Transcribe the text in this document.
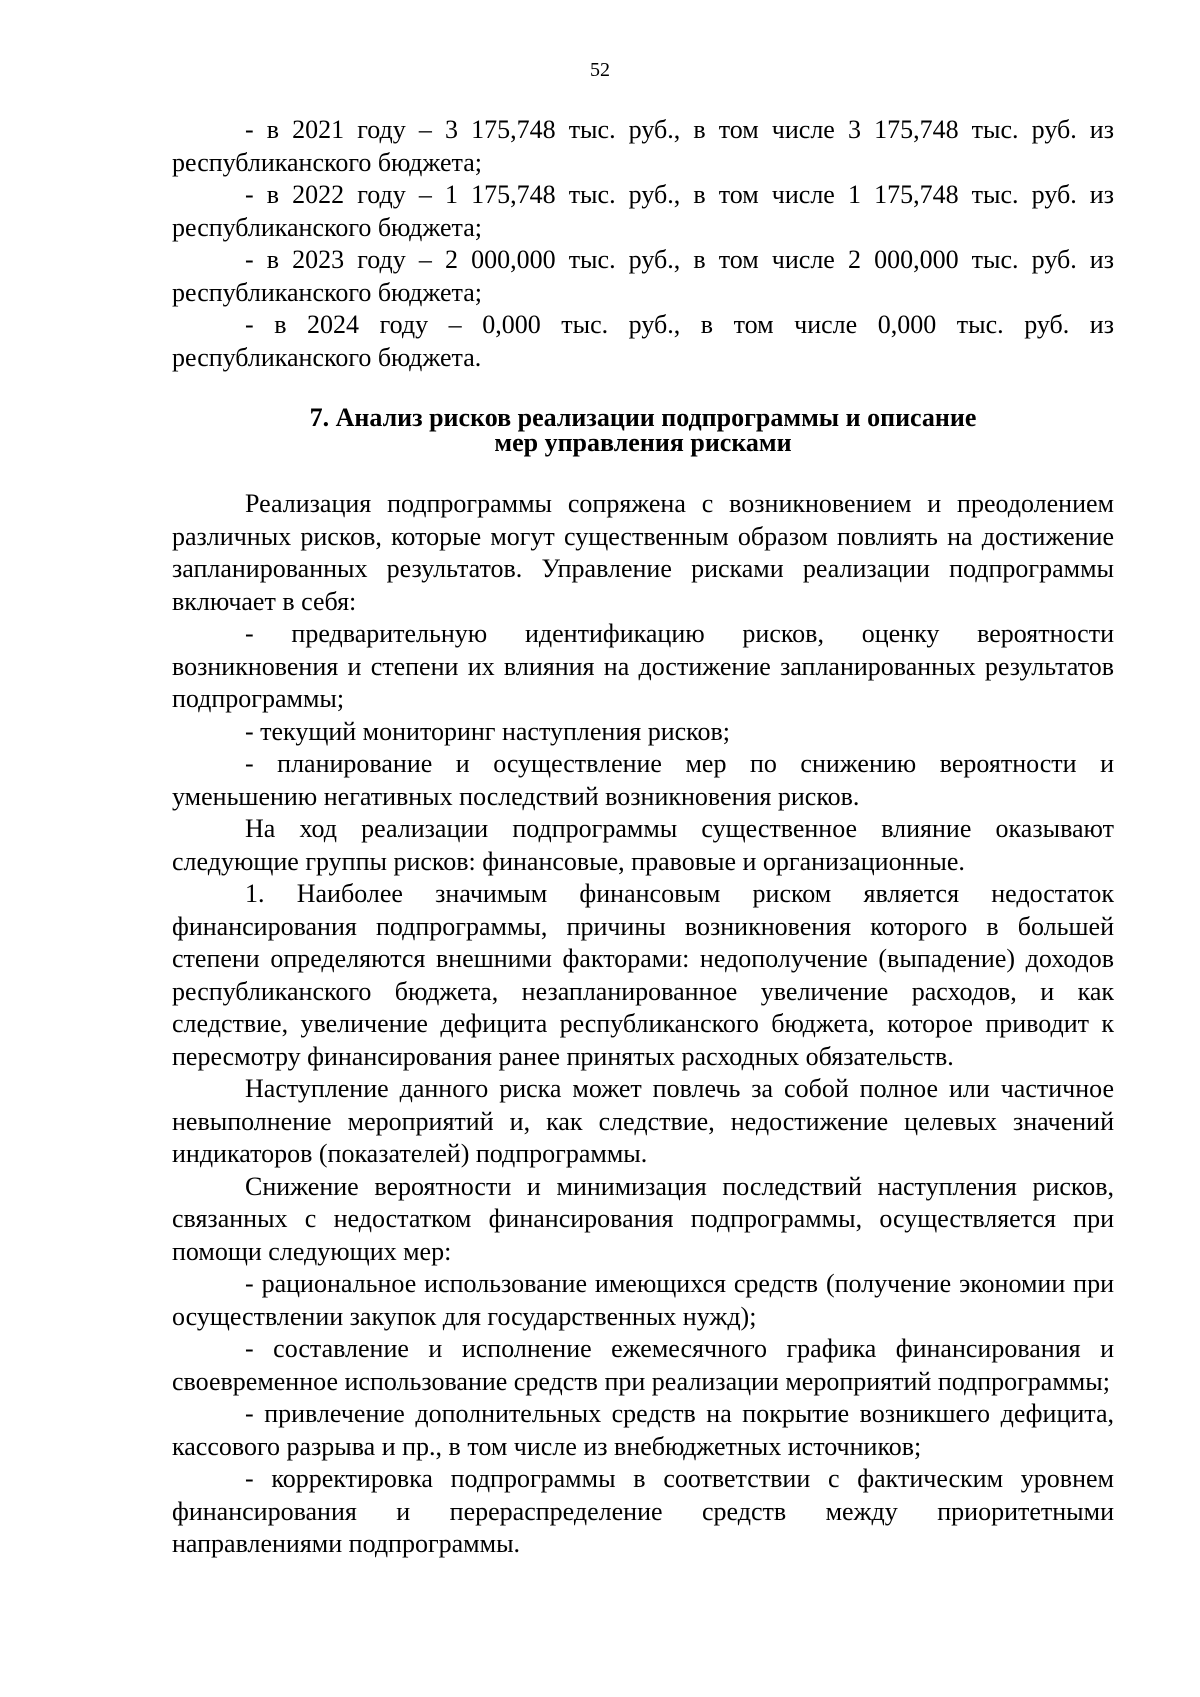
52

- в 2021 году – 3 175,748 тыс. руб., в том числе 3 175,748 тыс. руб. из республиканского бюджета;

- в 2022 году – 1 175,748 тыс. руб., в том числе 1 175,748 тыс. руб. из республиканского бюджета;

- в 2023 году – 2 000,000 тыс. руб., в том числе 2 000,000 тыс. руб. из республиканского бюджета;

- в 2024 году – 0,000 тыс. руб., в том числе 0,000 тыс. руб. из республиканского бюджета.

7. Анализ рисков реализации подпрограммы и описание
мер управления рисками

Реализация подпрограммы сопряжена с возникновением и преодолением различных рисков, которые могут существенным образом повлиять на достижение запланированных результатов. Управление рисками реализации подпрограммы включает в себя:

- предварительную идентификацию рисков, оценку вероятности возникновения и степени их влияния на достижение запланированных результатов подпрограммы;

- текущий мониторинг наступления рисков;

- планирование и осуществление мер по снижению вероятности и уменьшению негативных последствий возникновения рисков.

На ход реализации подпрограммы существенное влияние оказывают следующие группы рисков: финансовые, правовые и организационные.

1. Наиболее значимым финансовым риском является недостаток финансирования подпрограммы, причины возникновения которого в большей степени определяются внешними факторами: недополучение (выпадение) доходов республиканского бюджета, незапланированное увеличение расходов, и как следствие, увеличение дефицита республиканского бюджета, которое приводит к пересмотру финансирования ранее принятых расходных обязательств.

Наступление данного риска может повлечь за собой полное или частичное невыполнение мероприятий и, как следствие, недостижение целевых значений индикаторов (показателей) подпрограммы.

Снижение вероятности и минимизация последствий наступления рисков, связанных с недостатком финансирования подпрограммы, осуществляется при помощи следующих мер:

- рациональное использование имеющихся средств (получение экономии при осуществлении закупок для государственных нужд);

- составление и исполнение ежемесячного графика финансирования и своевременное использование средств при реализации мероприятий подпрограммы;

- привлечение дополнительных средств на покрытие возникшего дефицита, кассового разрыва и пр., в том числе из внебюджетных источников;

- корректировка подпрограммы в соответствии с фактическим уровнем финансирования и перераспределение средств между приоритетными направлениями подпрограммы.
